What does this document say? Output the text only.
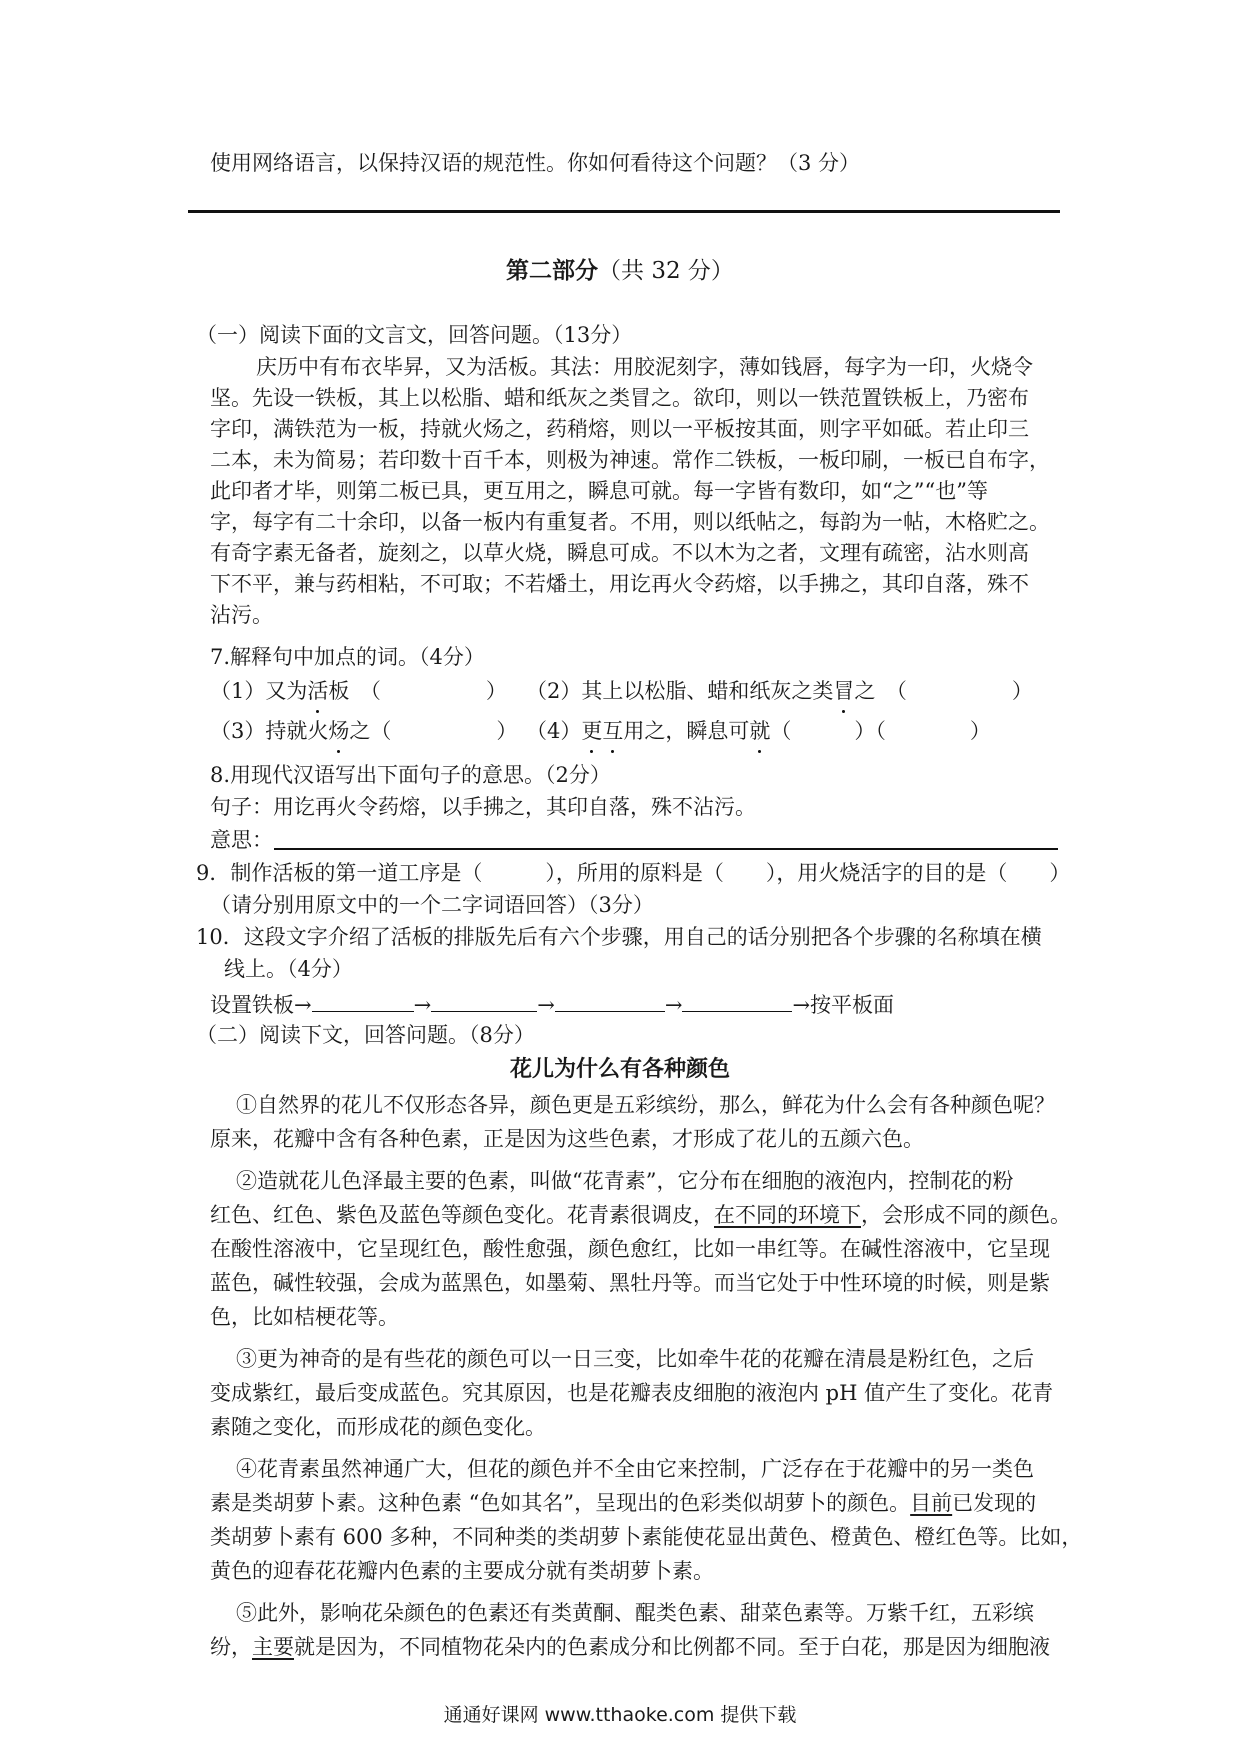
使用网络语言，以保持汉语的规范性。你如何看待这个问题？（3 分）
第二部分（共 32 分）
（一）阅读下面的文言文，回答问题。（13分）
庆历中有布衣毕昇，又为活板。其法：用胶泥刻字，薄如钱唇，每字为一印，火烧令
坚。先设一铁板，其上以松脂、蜡和纸灰之类冒之。欲印，则以一铁范置铁板上，乃密布
字印，满铁范为一板，持就火炀之，药稍熔，则以一平板按其面，则字平如砥。若止印三
二本，未为简易；若印数十百千本，则极为神速。常作二铁板，一板印刷，一板已自布字，
此印者才毕，则第二板已具，更互用之，瞬息可就。每一字皆有数印，如“之”“也”等
字，每字有二十余印，以备一板内有重复者。不用，则以纸帖之，每韵为一帖，木格贮之。
有奇字素无备者，旋刻之，以草火烧，瞬息可成。不以木为之者，文理有疏密，沾水则高
下不平，兼与药相粘，不可取；不若燔土，用讫再火令药熔，以手拂之，其印自落，殊不
沾污。
7.解释句中加点的词。（4分）
（1）又为活板　（　　　　　） （2）其上以松脂、蜡和纸灰之类冒之　（　　　　　）
（3）持就火炀之（　　　　　） （4）更互用之，瞬息可就（　　　）（　　　　）
8.用现代汉语写出下面句子的意思。（2分）
句子：用讫再火令药熔，以手拂之，其印自落，殊不沾污。
意思：
9．制作活板的第一道工序是（　　　），所用的原料是（　　），用火烧活字的目的是（　　）
（请分别用原文中的一个二字词语回答）（3分）
10．这段文字介绍了活板的排版先后有六个步骤，用自己的话分别把各个步骤的名称填在横
线上。（4分）
设置铁板→	→	→	→	→按平板面
（二）阅读下文，回答问题。（8分）
花儿为什么有各种颜色
①自然界的花儿不仅形态各异，颜色更是五彩缤纷，那么，鲜花为什么会有各种颜色呢？
原来，花瓣中含有各种色素，正是因为这些色素，才形成了花儿的五颜六色。
②造就花儿色泽最主要的色素，叫做“花青素”，它分布在细胞的液泡内，控制花的粉
红色、红色、紫色及蓝色等颜色变化。花青素很调皮，在不同的环境下，会形成不同的颜色。
在酸性溶液中，它呈现红色，酸性愈强，颜色愈红，比如一串红等。在碱性溶液中，它呈现
蓝色，碱性较强，会成为蓝黑色，如墨菊、黑牡丹等。而当它处于中性环境的时候，则是紫
色，比如桔梗花等。
③更为神奇的是有些花的颜色可以一日三变，比如牵牛花的花瓣在清晨是粉红色，之后
变成紫红，最后变成蓝色。究其原因，也是花瓣表皮细胞的液泡内 pH 值产生了变化。花青
素随之变化，而形成花的颜色变化。
④花青素虽然神通广大，但花的颜色并不全由它来控制，广泛存在于花瓣中的另一类色
素是类胡萝卜素。这种色素 “色如其名”，呈现出的色彩类似胡萝卜的颜色。目前已发现的
类胡萝卜素有 600 多种，不同种类的类胡萝卜素能使花显出黄色、橙黄色、橙红色等。比如，
黄色的迎春花花瓣内色素的主要成分就有类胡萝卜素。
⑤此外，影响花朵颜色的色素还有类黄酮、醌类色素、甜菜色素等。万紫千红，五彩缤
纷，主要就是因为，不同植物花朵内的色素成分和比例都不同。至于白花，那是因为细胞液
通通好课网 www.tthaoke.com 提供下载
